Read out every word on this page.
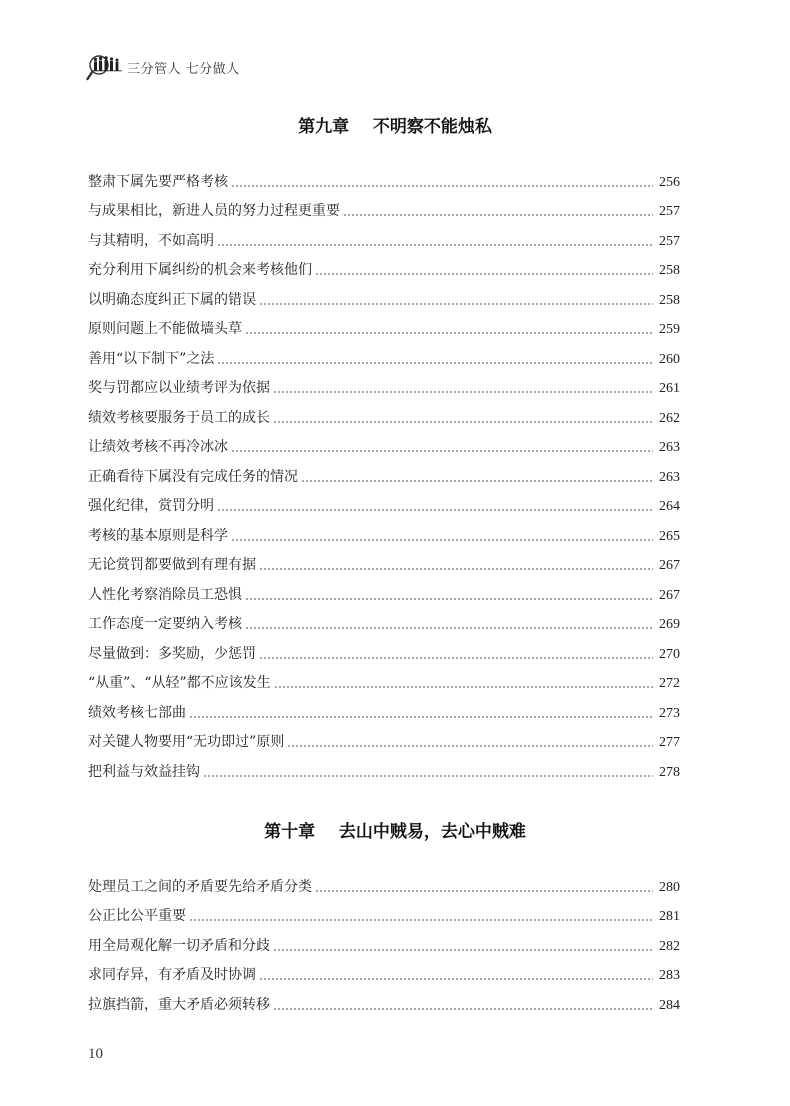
三分管人 七分做人
第九章    不明察不能烛私
整肃下属先要严格考核	256
与成果相比，新进人员的努力过程更重要	257
与其精明，不如高明	257
充分利用下属纠纷的机会来考核他们	258
以明确态度纠正下属的错误	258
原则问题上不能做墙头草	259
善用“以下制下”之法	260
奖与罚都应以业绩考评为依据	261
绩效考核要服务于员工的成长	262
让绩效考核不再冷冰冰	263
正确看待下属没有完成任务的情况	263
强化纪律，赏罚分明	264
考核的基本原则是科学	265
无论赏罚都要做到有理有据	267
人性化考察消除员工恐惧	267
工作态度一定要纳入考核	269
尽量做到：多奖励，少惩罚	270
“从重”、“从轻”都不应该发生	272
绩效考核七部曲	273
对关键人物要用“无功即过”原则	277
把利益与效益挂钩	278
第十章    去山中贼易，去心中贼难
处理员工之间的矛盾要先给矛盾分类	280
公正比公平重要	281
用全局观化解一切矛盾和分歧	282
求同存异，有矛盾及时协调	283
拉旗挡箭，重大矛盾必须转移	284
10
